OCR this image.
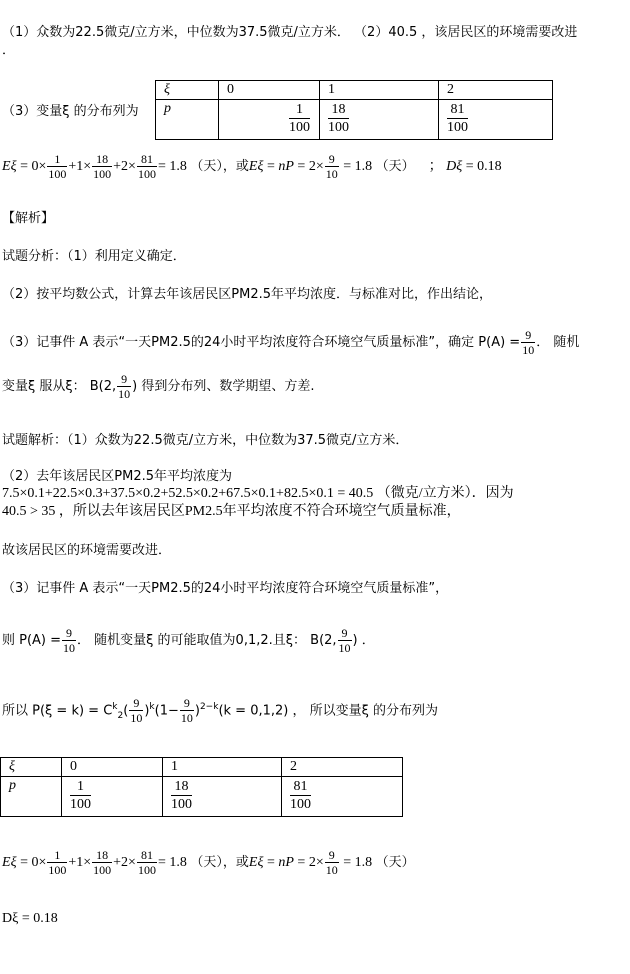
（1）众数为22.5微克/立方米，中位数为37.5微克/立方米． （2）40.5 ，该居民区的环境需要改进
．
（3）变量ξ 的分布列为
ξ	0	1	2

p	$\frac{1}{100}$	$\frac{18}{100}$	$\frac{81}{100}$
$E\xi = 0\times \frac{1}{100} +1\times \frac{18}{100} +2\times \frac{81}{100} = 1.8$ （天），或Eξ = nP = $2\times \frac{9}{10} = 1.8$ （天）    ； Dξ = 0.18
【解析】
试题分析：（1）利用定义确定．
（2）按平均数公式，计算去年该居民区PM2.5年平均浓度．与标准对比，作出结论，
（3）记事件 A 表示“一天PM2.5的24小时平均浓度符合环境空气质量标准”，确定 $P(A) = \frac{9}{10}$ ． 随机
变量ξ 服从ξ： B(2, $\frac{9}{10}$ ) 得到分布列、数学期望、方差.
试题解析：（1）众数为22.5微克/立方米，中位数为37.5微克/立方米．
（2）去年该居民区PM2.5年平均浓度为
7.5×0.1+22.5×0.3+37.5×0.2+52.5×0.2+67.5×0.1+82.5×0.1 = 40.5 （微克/立方米）．因为
40.5 > 35 ，所以去年该居民区PM2.5年平均浓度不符合环境空气质量标准，
故该居民区的环境需要改进．
（3）记事件 A 表示“一天PM2.5的24小时平均浓度符合环境空气质量标准”，
则 $P(A) = \frac{9}{10}$ ． 随机变量ξ 的可能取值为0,1,2.且ξ： B(2, $\frac{9}{10}$ ) ．
所以 $P(\xi = k) = C^k_2( \frac{9}{10} )^k(1- \frac{9}{10} )^{2-k}(k = 0,1,2)$ ， 所以变量ξ 的分布列为
ξ	0	1	2

p	$\frac{1}{100}$	$\frac{18}{100}$	$\frac{81}{100}$
$E\xi = 0\times \frac{1}{100} +1\times \frac{18}{100} +2\times \frac{81}{100} = 1.8$ （天），或Eξ = nP = $2\times \frac{9}{10} = 1.8$ （天）
Dξ = 0.18
